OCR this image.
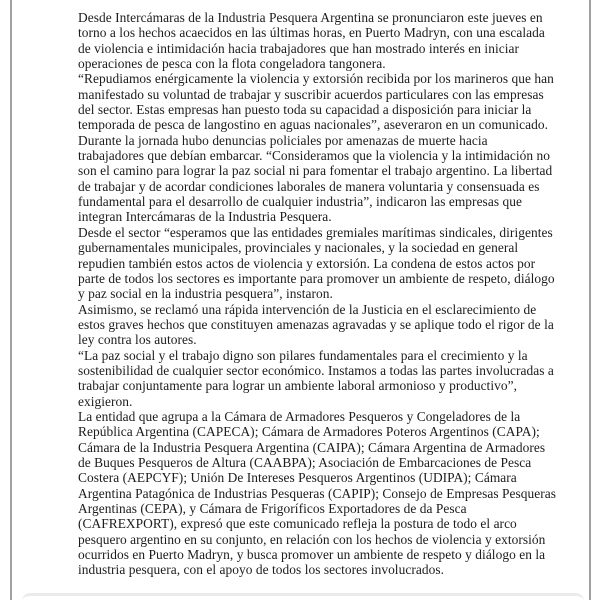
Desde Intercámaras de la Industria Pesquera Argentina se pronunciaron este jueves en
torno a los hechos acaecidos en las últimas horas, en Puerto Madryn, con una escalada
de violencia e intimidación hacia trabajadores que han mostrado interés en iniciar
operaciones de pesca con la flota congeladora tangonera.
“Repudiamos enérgicamente la violencia y extorsión recibida por los marineros que han
manifestado su voluntad de trabajar y suscribir acuerdos particulares con las empresas
del sector. Estas empresas han puesto toda su capacidad a disposición para iniciar la
temporada de pesca de langostino en aguas nacionales”, aseveraron en un comunicado.
Durante la jornada hubo denuncias policiales por amenazas de muerte hacia
trabajadores que debían embarcar. “Consideramos que la violencia y la intimidación no
son el camino para lograr la paz social ni para fomentar el trabajo argentino. La libertad
de trabajar y de acordar condiciones laborales de manera voluntaria y consensuada es
fundamental para el desarrollo de cualquier industria”, indicaron las empresas que
integran Intercámaras de la Industria Pesquera.
Desde el sector “esperamos que las entidades gremiales marítimas sindicales, dirigentes
gubernamentales municipales, provinciales y nacionales, y la sociedad en general
repudien también estos actos de violencia y extorsión. La condena de estos actos por
parte de todos los sectores es importante para promover un ambiente de respeto, diálogo
y paz social en la industria pesquera”, instaron.
Asimismo, se reclamó una rápida intervención de la Justicia en el esclarecimiento de
estos graves hechos que constituyen amenazas agravadas y se aplique todo el rigor de la
ley contra los autores.
“La paz social y el trabajo digno son pilares fundamentales para el crecimiento y la
sostenibilidad de cualquier sector económico. Instamos a todas las partes involucradas a
trabajar conjuntamente para lograr un ambiente laboral armonioso y productivo”,
exigieron.
La entidad que agrupa a la Cámara de Armadores Pesqueros y Congeladores de la
República Argentina (CAPECA); Cámara de Armadores Poteros Argentinos (CAPA);
Cámara de la Industria Pesquera Argentina (CAIPA); Cámara Argentina de Armadores
de Buques Pesqueros de Altura (CAABPA); Asociación de Embarcaciones de Pesca
Costera (AEPCYF); Unión De Intereses Pesqueros Argentinos (UDIPA); Cámara
Argentina Patagónica de Industrias Pesqueras (CAPIP); Consejo de Empresas Pesqueras
Argentinas (CEPA), y Cámara de Frigoríficos Exportadores de da Pesca
(CAFREXPORT), expresó que este comunicado refleja la postura de todo el arco
pesquero argentino en su conjunto, en relación con los hechos de violencia y extorsión
ocurridos en Puerto Madryn, y busca promover un ambiente de respeto y diálogo en la
industria pesquera, con el apoyo de todos los sectores involucrados.
